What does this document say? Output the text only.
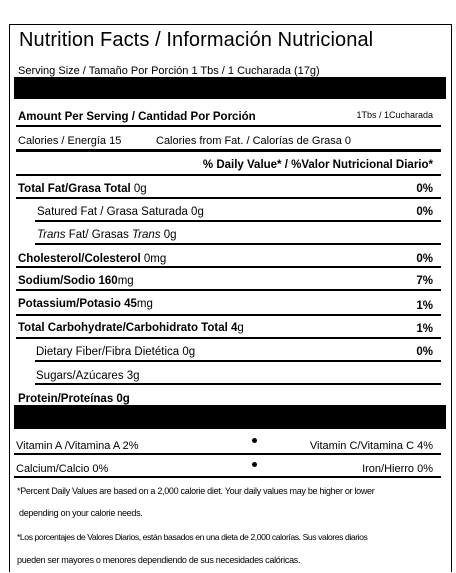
Nutrition Facts / Información Nutricional
Serving Size / Tamaño Por Porción 1 Tbs / 1 Cucharada (17g)
Amount Per Serving / Cantidad Por Porción	1Tbs / 1Cucharada
Calories / Energía 15	Calories from Fat. / Calorías de Grasa 0
% Daily Value* / %Valor Nutricional Diario*
Total Fat/Grasa Total 0g	0%
Satured Fat / Grasa Saturada 0g	0%
Trans Fat/ Grasas Trans 0g
Cholesterol/Colesterol 0mg	0%
Sodium/Sodio 160mg	7%
Potassium/Potasio 45mg	1%
Total Carbohydrate/Carbohidrato Total 4g	1%
Dietary Fiber/Fibra Dietética 0g	0%
Sugars/Azúcares 3g
Protein/Proteínas 0g
Vitamin A /Vitamina A 2%	Vitamin C/Vitamina C 4%
Calcium/Calcio 0%	Iron/Hierro 0%
*Percent Daily Values are based on a 2,000 calorie diet. Your daily values may be higher or lower
depending on your calorie needs.
*Los porcentajes de Valores Diarios, están basados en una dieta de 2,000 calorías. Sus valores diarios
pueden ser mayores o menores dependiendo de sus necesidades calóricas.
